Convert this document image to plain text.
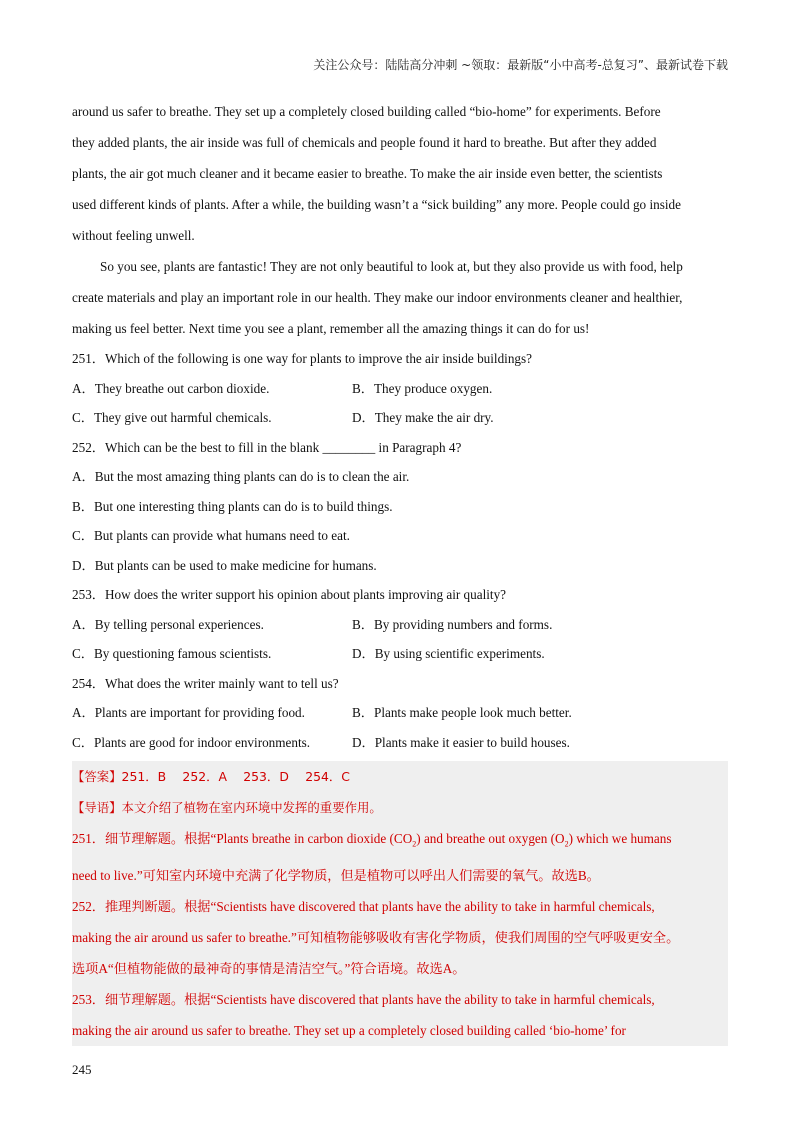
关注公众号：陆陆高分冲刺 ~领取：最新版“小中高考-总复习”、最新试卷下载
around us safer to breathe. They set up a completely closed building called “bio-home” for experiments. Before
they added plants, the air inside was full of chemicals and people found it hard to breathe. But after they added
plants, the air got much cleaner and it became easier to breathe. To make the air inside even better, the scientists
used different kinds of plants. After a while, the building wasn’t a “sick building” any more. People could go inside
without feeling unwell.
So you see, plants are fantastic! They are not only beautiful to look at, but they also provide us with food, help
create materials and play an important role in our health. They make our indoor environments cleaner and healthier,
making us feel better. Next time you see a plant, remember all the amazing things it can do for us!
251．Which of the following is one way for plants to improve the air inside buildings?
A．They breathe out carbon dioxide.	B．They produce oxygen.
C．They give out harmful chemicals.	D．They make the air dry.
252．Which can be the best to fill in the blank ________ in Paragraph 4?
A．But the most amazing thing plants can do is to clean the air.
B．But one interesting thing plants can do is to build things.
C．But plants can provide what humans need to eat.
D．But plants can be used to make medicine for humans.
253．How does the writer support his opinion about plants improving air quality?
A．By telling personal experiences.	B．By providing numbers and forms.
C．By questioning famous scientists.	D．By using scientific experiments.
254．What does the writer mainly want to tell us?
A．Plants are important for providing food.	B．Plants make people look much better.
C．Plants are good for indoor environments.	D．Plants make it easier to build houses.
【答案】251．B　 252．A　 253．D　 254．C
【导语】本文介绍了植物在室内环境中发挥的重要作用。
251．细节理解题。根据“Plants breathe in carbon dioxide $(CO_2)$ and breathe out oxygen $(O_2)$ which we humans
need to live.”可知室内环境中充满了化学物质，但是植物可以呼出人们需要的氧气。故选B。
252．推理判断题。根据“Scientists have discovered that plants have the ability to take in harmful chemicals,
making the air around us safer to breathe.”可知植物能够吸收有害化学物质，使我们周围的空气呼吸更安全。
选项A“但植物能做的最神奇的事情是清洁空气。”符合语境。故选A。
253．细节理解题。根据“Scientists have discovered that plants have the ability to take in harmful chemicals,
making the air around us safer to breathe. They set up a completely closed building called ‘bio-home’ for
245
